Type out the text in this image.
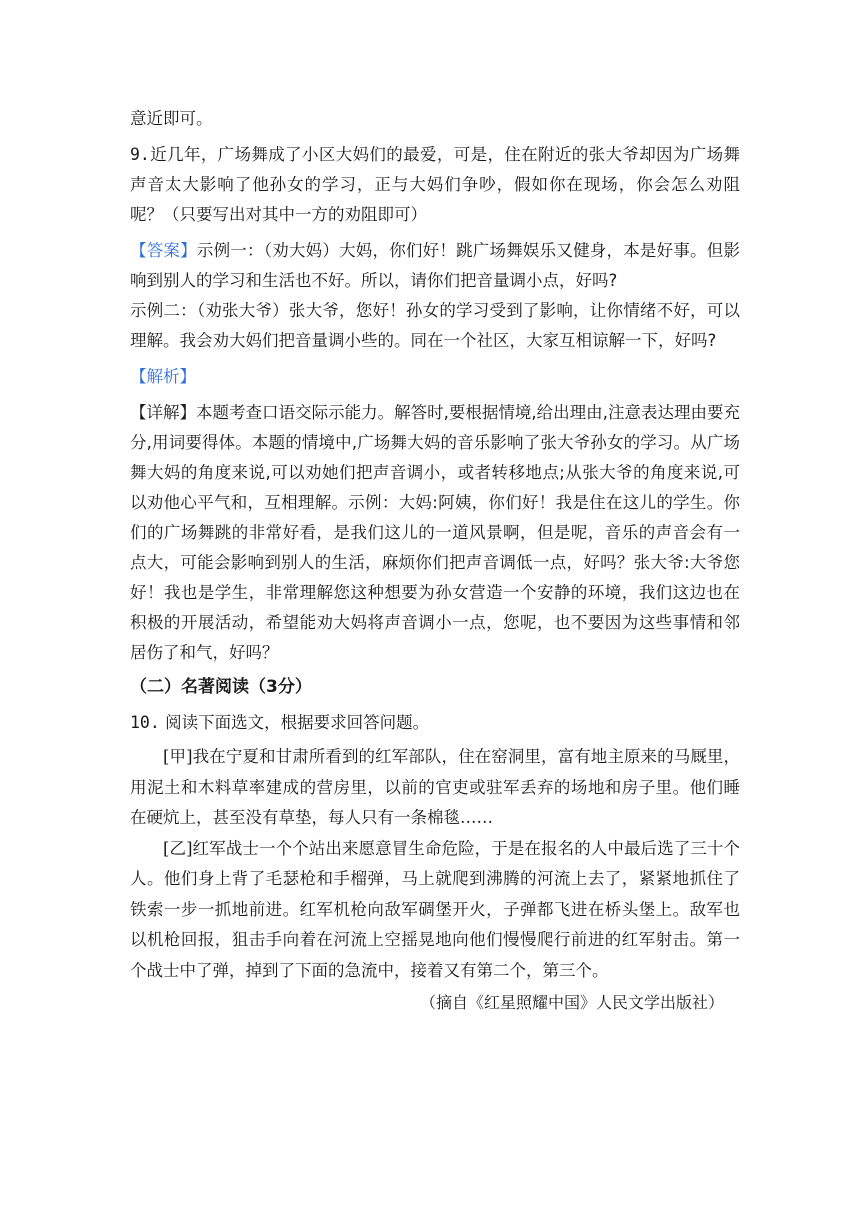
意近即可。

9.近几年，广场舞成了小区大妈们的最爱，可是，住在附近的张大爷却因为广场舞声音太大影响了他孙女的学习，正与大妈们争吵，假如你在现场，你会怎么劝阻呢？（只要写出对其中一方的劝阻即可）

【答案】示例一：（劝大妈）大妈，你们好！跳广场舞娱乐又健身，本是好事。但影响到别人的学习和生活也不好。所以，请你们把音量调小点，好吗?

示例二：（劝张大爷）张大爷，您好！孙女的学习受到了影响，让你情绪不好，可以理解。我会劝大妈们把音量调小些的。同在一个社区，大家互相谅解一下，好吗?

【解析】

【详解】本题考查口语交际示能力。解答时,要根据情境,给出理由,注意表达理由要充分,用词要得体。本题的情境中,广场舞大妈的音乐影响了张大爷孙女的学习。从广场舞大妈的角度来说,可以劝她们把声音调小，或者转移地点;从张大爷的角度来说,可以劝他心平气和，互相理解。示例：大妈:阿姨，你们好！我是住在这儿的学生。你们的广场舞跳的非常好看，是我们这儿的一道风景啊，但是呢，音乐的声音会有一点大，可能会影响到别人的生活，麻烦你们把声音调低一点，好吗？张大爷:大爷您好！我也是学生，非常理解您这种想要为孙女营造一个安静的环境，我们这边也在积极的开展活动，希望能劝大妈将声音调小一点，您呢，也不要因为这些事情和邻居伤了和气，好吗？

（二）名著阅读（3分）

10. 阅读下面选文，根据要求回答问题。

[甲]我在宁夏和甘肃所看到的红军部队，住在窑洞里，富有地主原来的马厩里，用泥土和木料草率建成的营房里，以前的官吏或驻军丢弃的场地和房子里。他们睡在硬炕上，甚至没有草垫，每人只有一条棉毯……

[乙]红军战士一个个站出来愿意冒生命危险，于是在报名的人中最后选了三十个人。他们身上背了毛瑟枪和手榴弹，马上就爬到沸腾的河流上去了，紧紧地抓住了铁索一步一抓地前进。红军机枪向敌军碉堡开火，子弹都飞进在桥头堡上。敌军也以机枪回报，狙击手向着在河流上空摇晃地向他们慢慢爬行前进的红军射击。第一个战士中了弹，掉到了下面的急流中，接着又有第二个，第三个。

（摘自《红星照耀中国》人民文学出版社）
